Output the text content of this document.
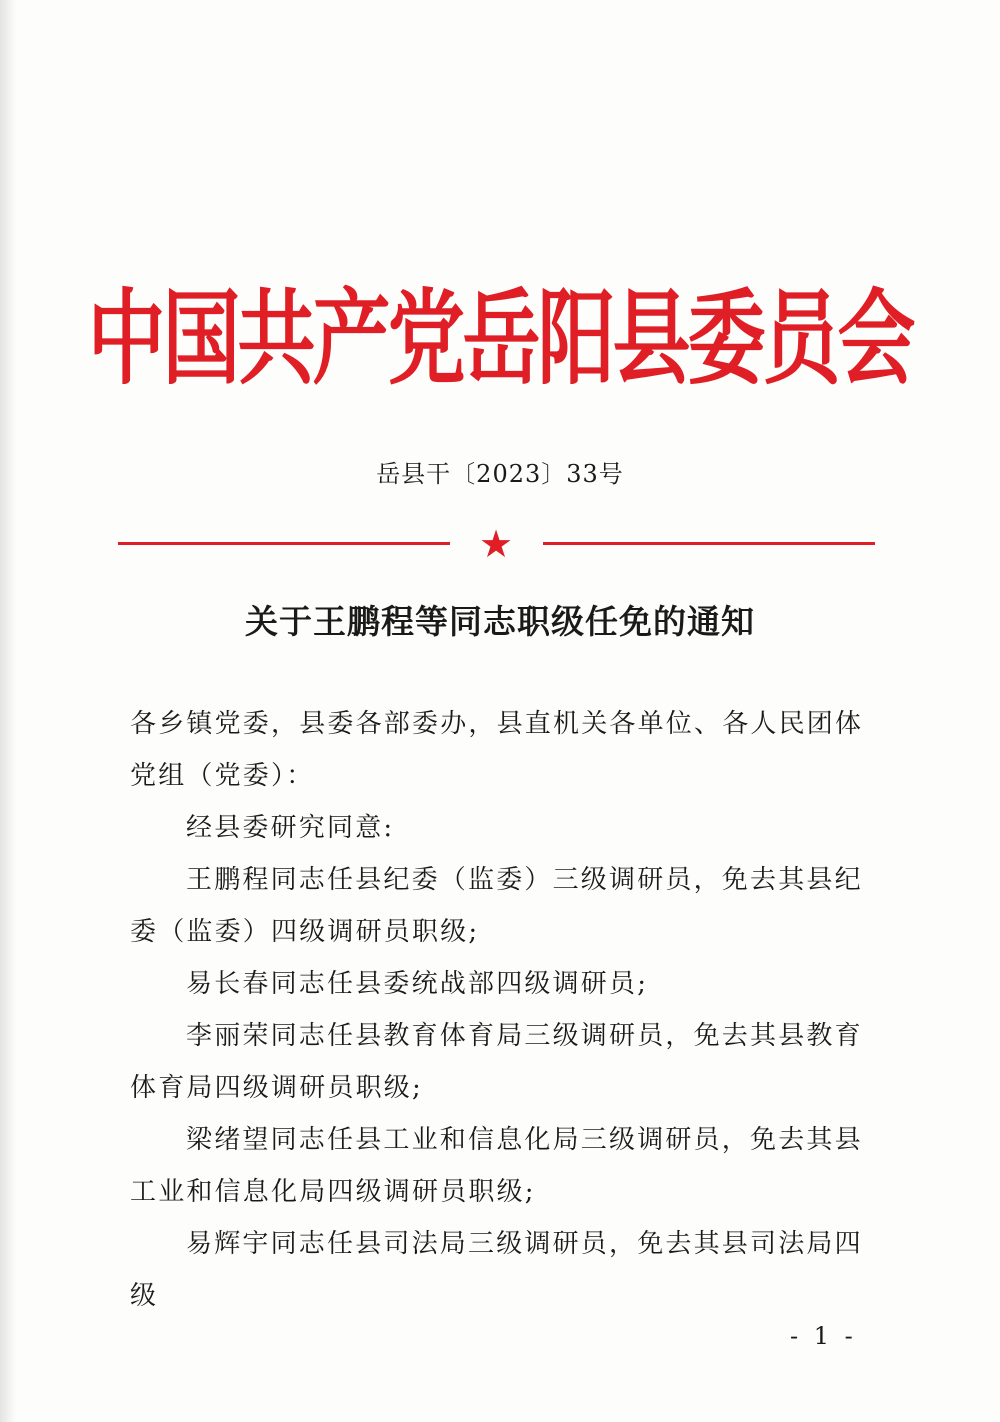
中国共产党岳阳县委员会
岳县干〔2023〕33号
★
关于王鹏程等同志职级任免的通知

各乡镇党委，县委各部委办，县直机关各单位、各人民团体党组（党委）：

经县委研究同意:

王鹏程同志任县纪委（监委）三级调研员，免去其县纪委（监委）四级调研员职级;

易长春同志任县委统战部四级调研员;

李丽荣同志任县教育体育局三级调研员，免去其县教育体育局四级调研员职级;

梁绪望同志任县工业和信息化局三级调研员，免去其县工业和信息化局四级调研员职级;

易辉宇同志任县司法局三级调研员，免去其县司法局四级

- 1 -
